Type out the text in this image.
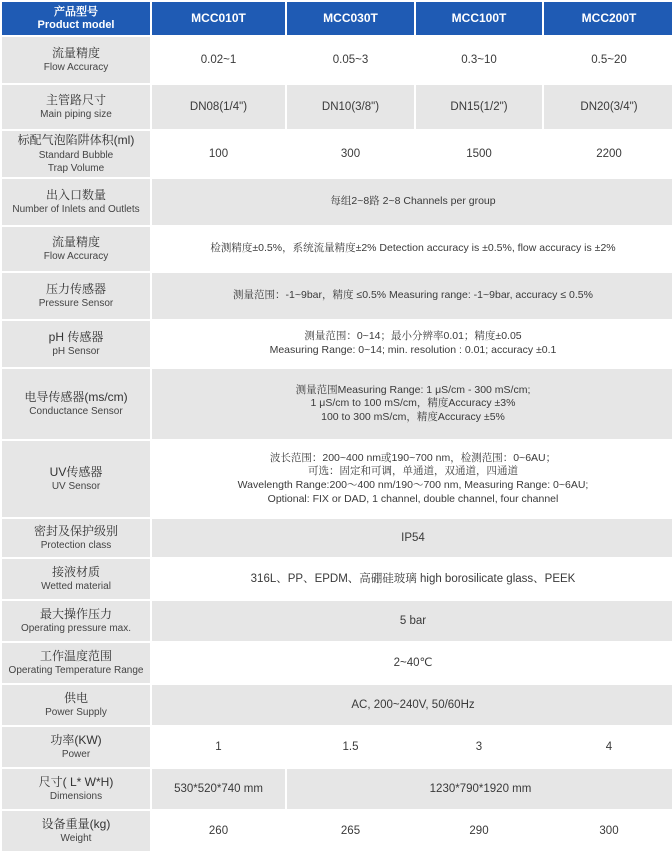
产品型号
Product model	MCC010T	MCC030T	MCC100T	MCC200T

流量精度
Flow Accuracy	0.02~1	0.05~3	0.3~10	0.5~20

主管路尺寸
Main piping size	DN08(1/4")	DN10(3/8")	DN15(1/2")	DN20(3/4")

标配气泡陷阱体积(ml)
Standard Bubble
Trap Volume	100	300	1500	2200

出入口数量
Number of Inlets and Outlets	每组2~8路 2~8 Channels per group			

流量精度
Flow Accuracy	检测精度±0.5%，系统流量精度±2% Detection accuracy is ±0.5%, flow accuracy is ±2%			

压力传感器
Pressure Sensor	测量范围：-1~9bar，精度 ≤0.5% Measuring range: -1~9bar, accuracy ≤ 0.5%			

pH 传感器
pH Sensor	测量范围：0~14；最小分辨率0.01；精度±0.05
Measuring Range: 0~14; min. resolution : 0.01; accuracy ±0.1			

电导传感器(ms/cm)
Conductance Sensor	测量范围Measuring Range: 1 μS/cm - 300 mS/cm;
1 μS/cm to 100 mS/cm，精度Accuracy ±3%
100 to 300 mS/cm，精度Accuracy ±5%			

UV传感器
UV Sensor	波长范围：200~400 nm或190~700 nm，检测范围：0~6AU；
可选：固定和可调，单通道，双通道，四通道
Wavelength Range:200～400 nm/190～700 nm, Measuring Range: 0~6AU;
Optional: FIX or DAD, 1 channel, double channel, four channel			

密封及保护级别
Protection class	IP54			

接液材质
Wetted material	316L、PP、EPDM、高硼硅玻璃 high borosilicate glass、PEEK			

最大操作压力
Operating pressure max.	5 bar			

工作温度范围
Operating Temperature Range	2~40℃			

供电
Power Supply	AC, 200~240V, 50/60Hz			

功率(KW)
Power	1	1.5	3	4

尺寸( L* W*H)
Dimensions	530*520*740 mm	1230*790*1920 mm		

设备重量(kg)
Weight	260	265	290	300
